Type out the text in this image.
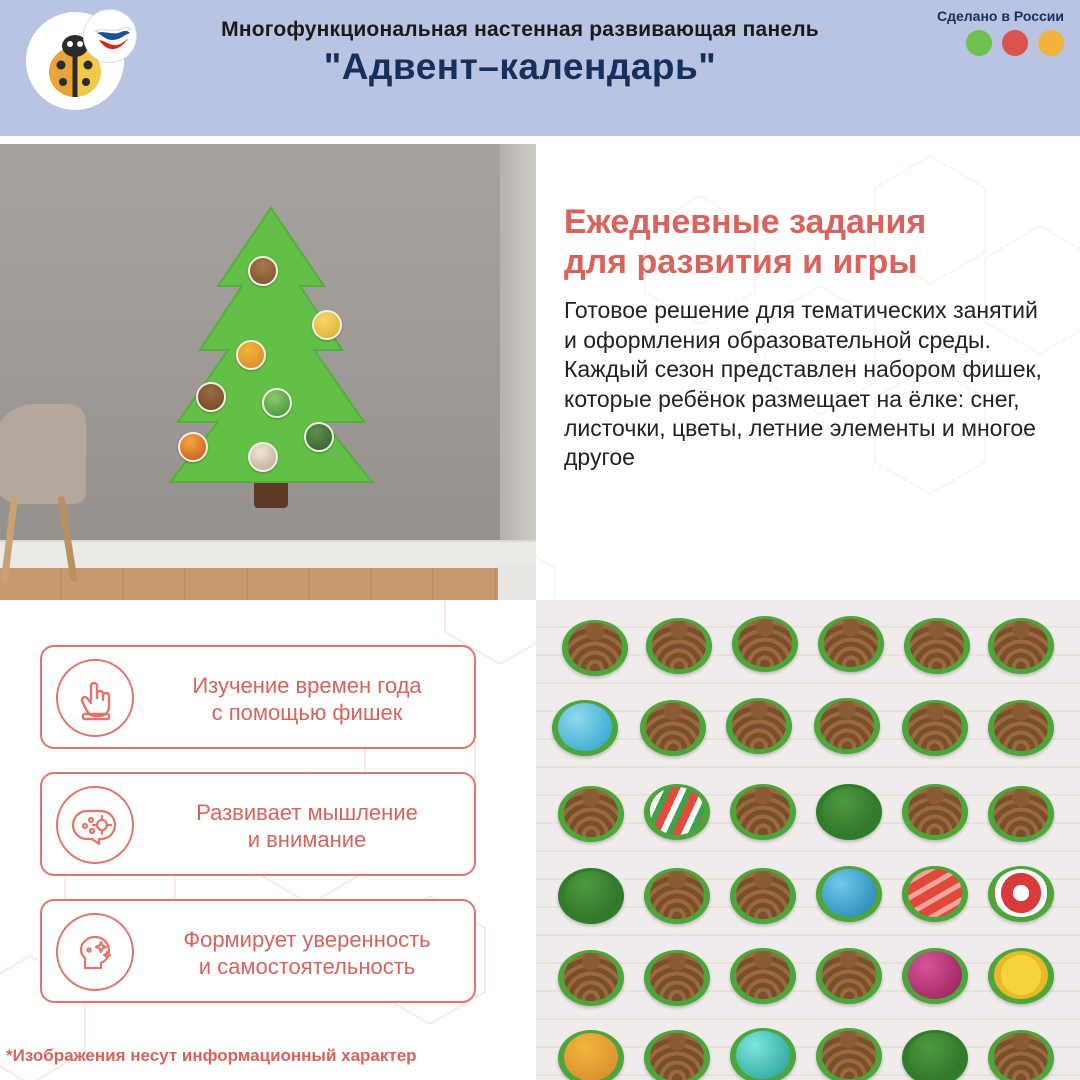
Многофункциональная настенная развивающая панель
"Адвент–календарь"
Сделано в России
Ежедневные задания
для развития и игры
Готовое решение для тематических занятий и оформления образовательной среды. Каждый сезон представлен набором фишек, которые ребёнок размещает на ёлке: снег, листочки, цветы, летние элементы и многое другое
Изучение времен года
с помощью фишек
Развивает мышление
и внимание
Формирует уверенность
и самостоятельность
*Изображения несут информационный характер
